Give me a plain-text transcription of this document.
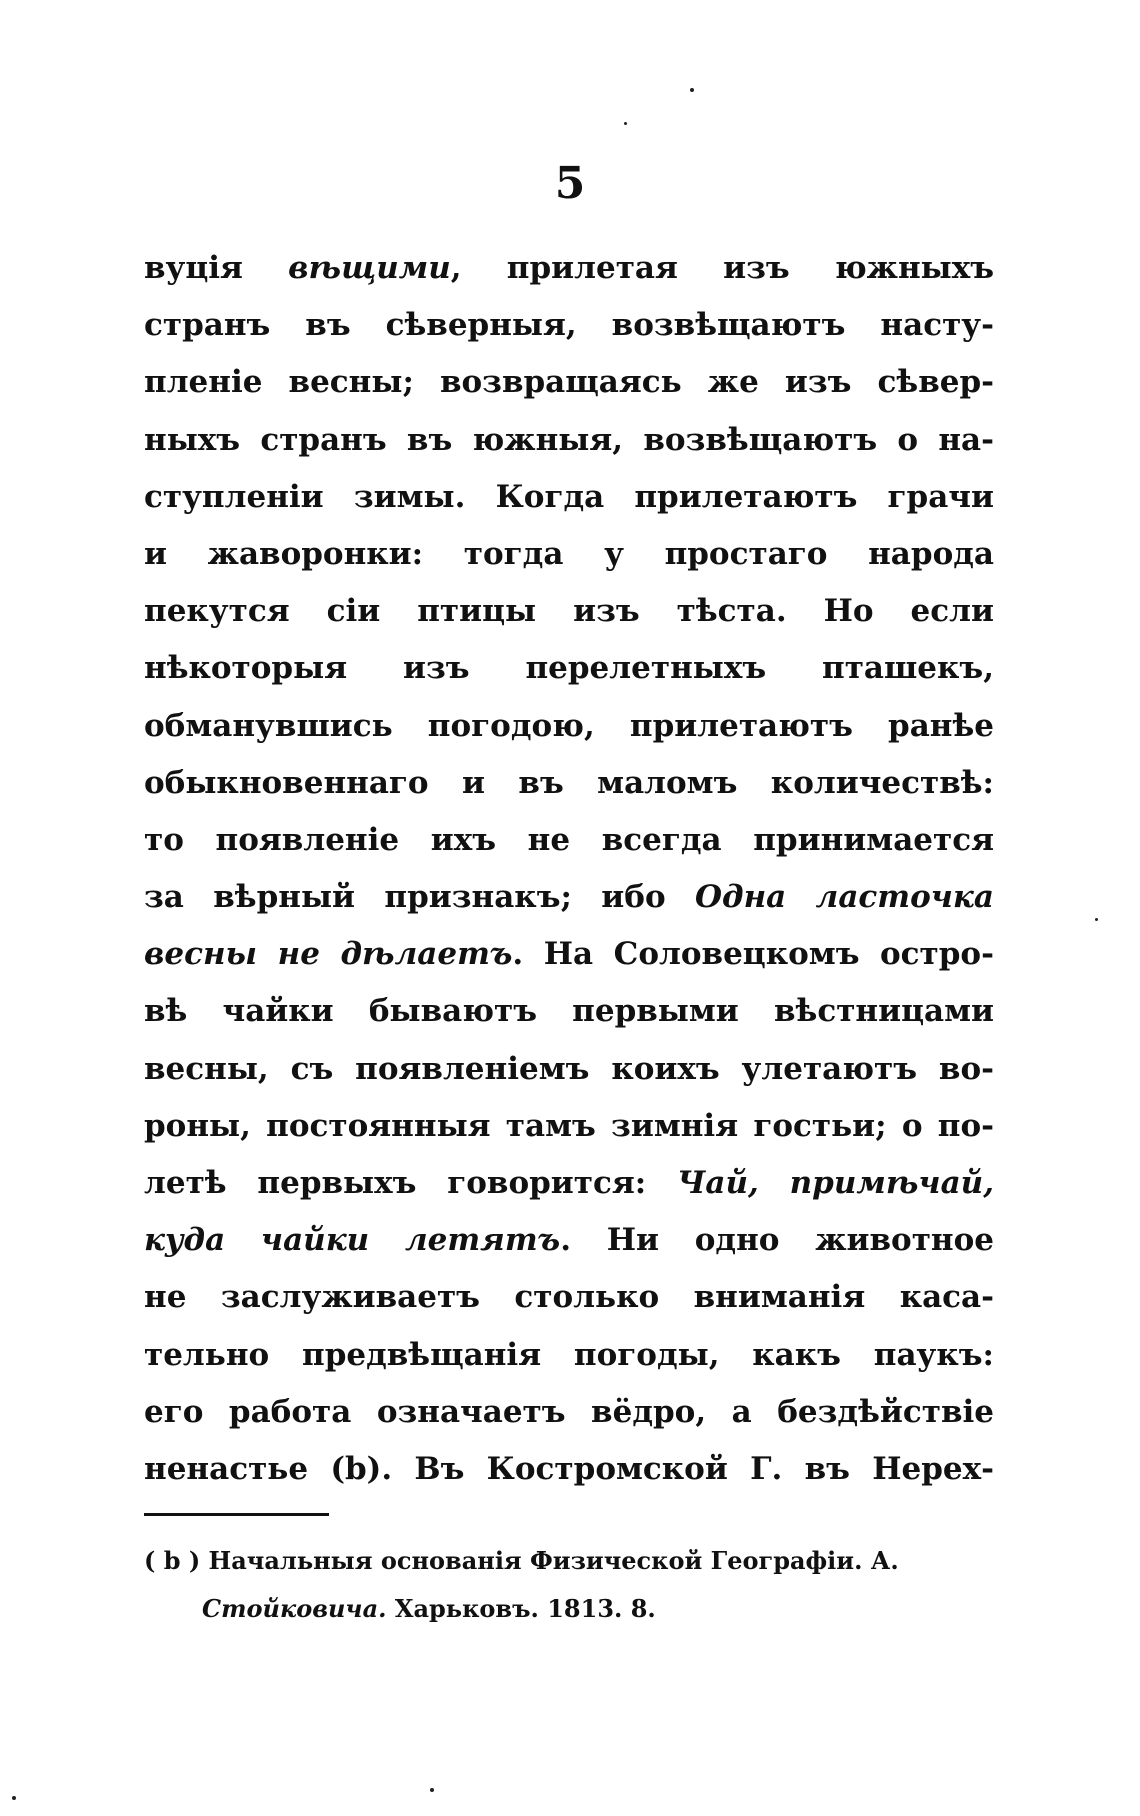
5
вуція вѣщими, прилетая изъ южныхъ
странъ въ сѣверныя, возвѣщаютъ насту-
пленіе весны; возвращаясь же изъ сѣвер-
ныхъ странъ въ южныя, возвѣщаютъ о на-
ступленіи зимы. Когда прилетаютъ грачи
и жаворонки: тогда у простаго народа
пекутся сіи птицы изъ тѣста. Но если
нѣкоторыя изъ перелетныхъ пташекъ,
обманувшись погодою, прилетаютъ ранѣе
обыкновеннаго и въ маломъ количествѣ:
то появленіе ихъ не всегда принимается
за вѣрный признакъ; ибо Одна ласточка
весны не дѣлаетъ. На Соловецкомъ остро-
вѣ чайки бываютъ первыми вѣстницами
весны, съ появленіемъ коихъ улетаютъ во-
роны, постоянныя тамъ зимнія гостьи; о по-
летѣ первыхъ говорится: Чай, примѣчай,
куда чайки летятъ. Ни одно животное
не заслуживаетъ столько вниманія каса-
тельно предвѣщанія погоды, какъ паукъ:
его работа означаетъ вёдро, а бездѣйствіе
ненастье (b). Въ Костромской Г. въ Нерех-
( b ) Начальныя основанія Физической Географіи. А.
Стойковича. Харьковъ. 1813. 8.
